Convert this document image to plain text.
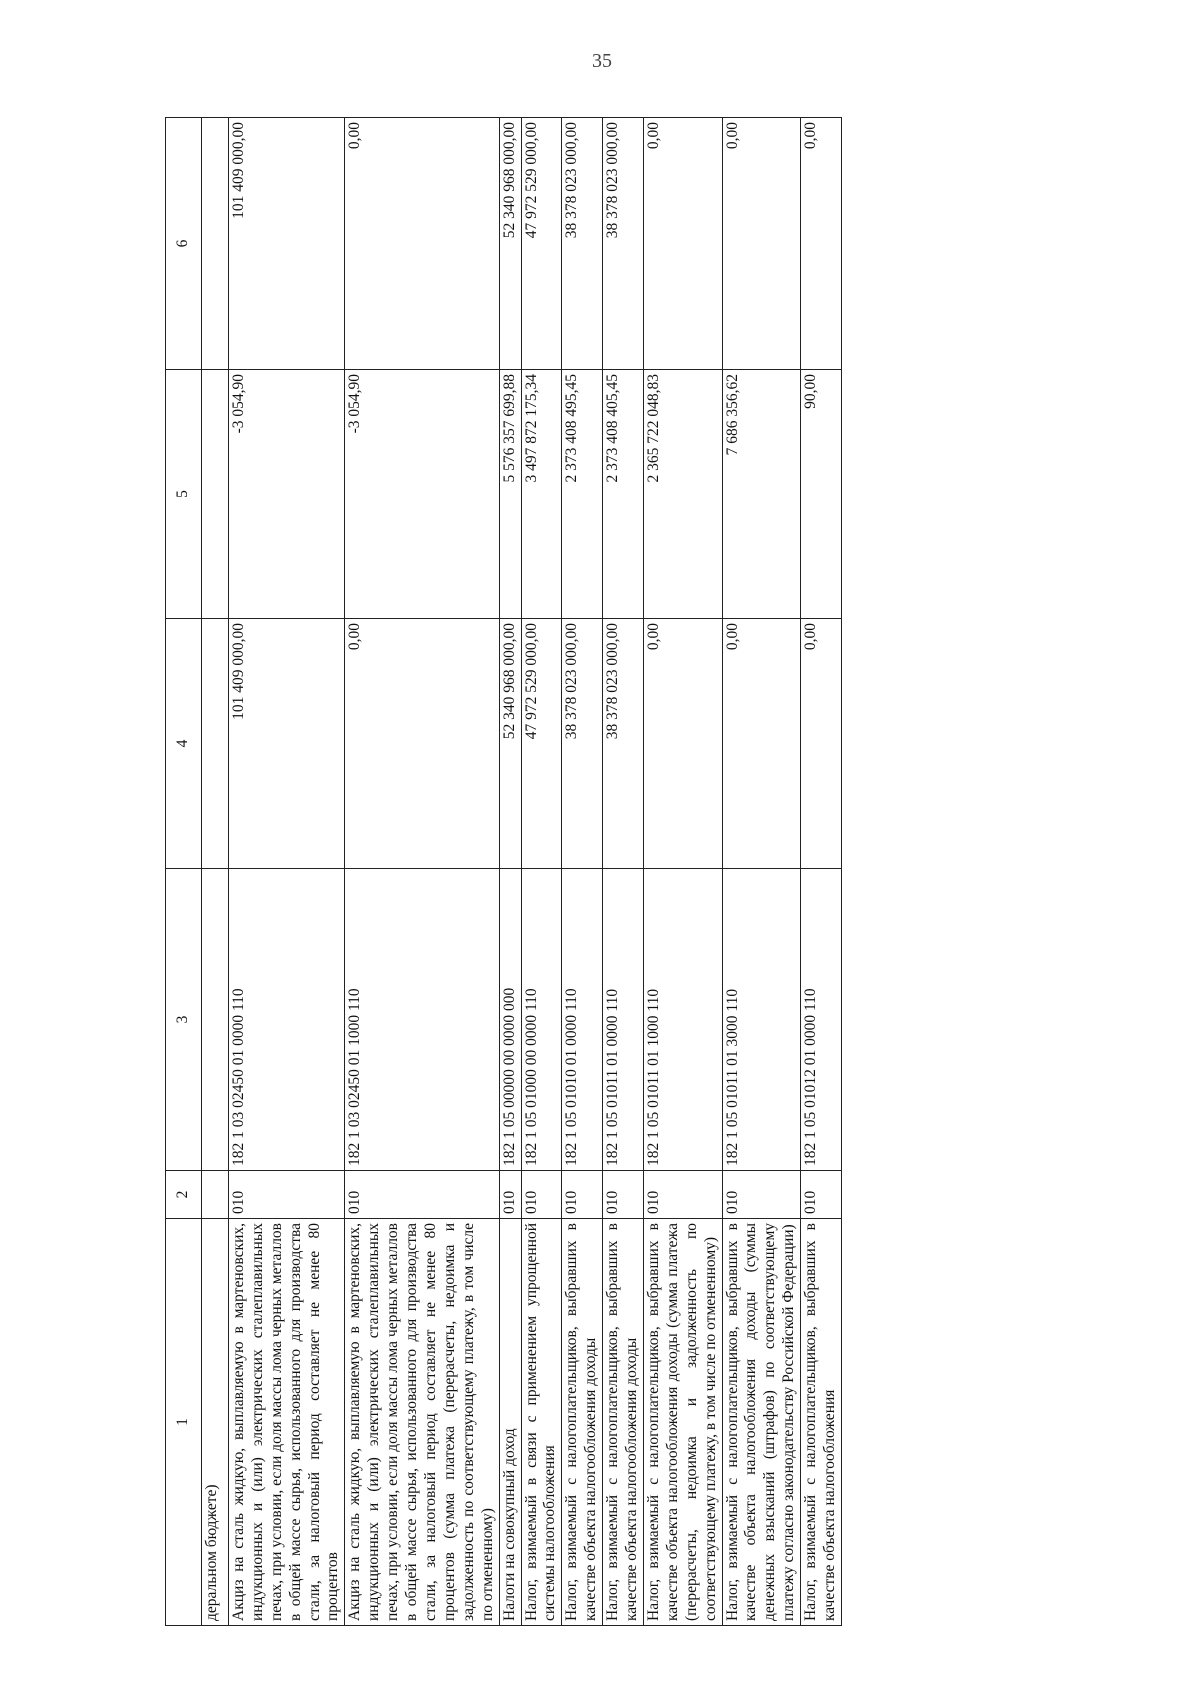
35
1	2	3	4	5	6
деральном бюджете)					
Акциз на сталь жидкую, выплавляемую в мартеновских, индукционных и (или) электрических сталеплавильных печах, при условии, если доля массы лома черных металлов в общей массе сырья, использованного для производства стали, за налоговый период составляет не менее 80 процентов	010	182 1 03 02450 01 0000 110	101 409 000,00	-3 054,90	101 409 000,00
Акциз на сталь жидкую, выплавляемую в мартеновских, индукционных и (или) электрических сталеплавильных печах, при условии, если доля массы лома черных металлов в общей массе сырья, использованного для производства стали, за налоговый период составляет не менее 80 процентов (сумма платежа (перерасчеты, недоимка и задолженность по соответствующему платежу, в том числе по отмененному)	010	182 1 03 02450 01 1000 110	0,00	-3 054,90	0,00
Налоги на совокупный доход	010	182 1 05 00000 00 0000 000	52 340 968 000,00	5 576 357 699,88	52 340 968 000,00
Налог, взимаемый в связи с применением упрощенной системы налогообложения	010	182 1 05 01000 00 0000 110	47 972 529 000,00	3 497 872 175,34	47 972 529 000,00
Налог, взимаемый с налогоплательщиков, выбравших в качестве объекта налогообложения доходы	010	182 1 05 01010 01 0000 110	38 378 023 000,00	2 373 408 495,45	38 378 023 000,00
Налог, взимаемый с налогоплательщиков, выбравших в качестве объекта налогообложения доходы	010	182 1 05 01011 01 0000 110	38 378 023 000,00	2 373 408 405,45	38 378 023 000,00
Налог, взимаемый с налогоплательщиков, выбравших в качестве объекта налогообложения доходы (сумма платежа (перерасчеты, недоимка и задолженность по соответствующему платежу, в том числе по отмененному)	010	182 1 05 01011 01 1000 110	0,00	2 365 722 048,83	0,00
Налог, взимаемый с налогоплательщиков, выбравших в качестве объекта налогообложения доходы (суммы денежных взысканий (штрафов) по соответствующему платежу согласно законодательству Российской Федерации)	010	182 1 05 01011 01 3000 110	0,00	7 686 356,62	0,00
Налог, взимаемый с налогоплательщиков, выбравших в качестве объекта налогообложения	010	182 1 05 01012 01 0000 110	0,00	90,00	0,00
